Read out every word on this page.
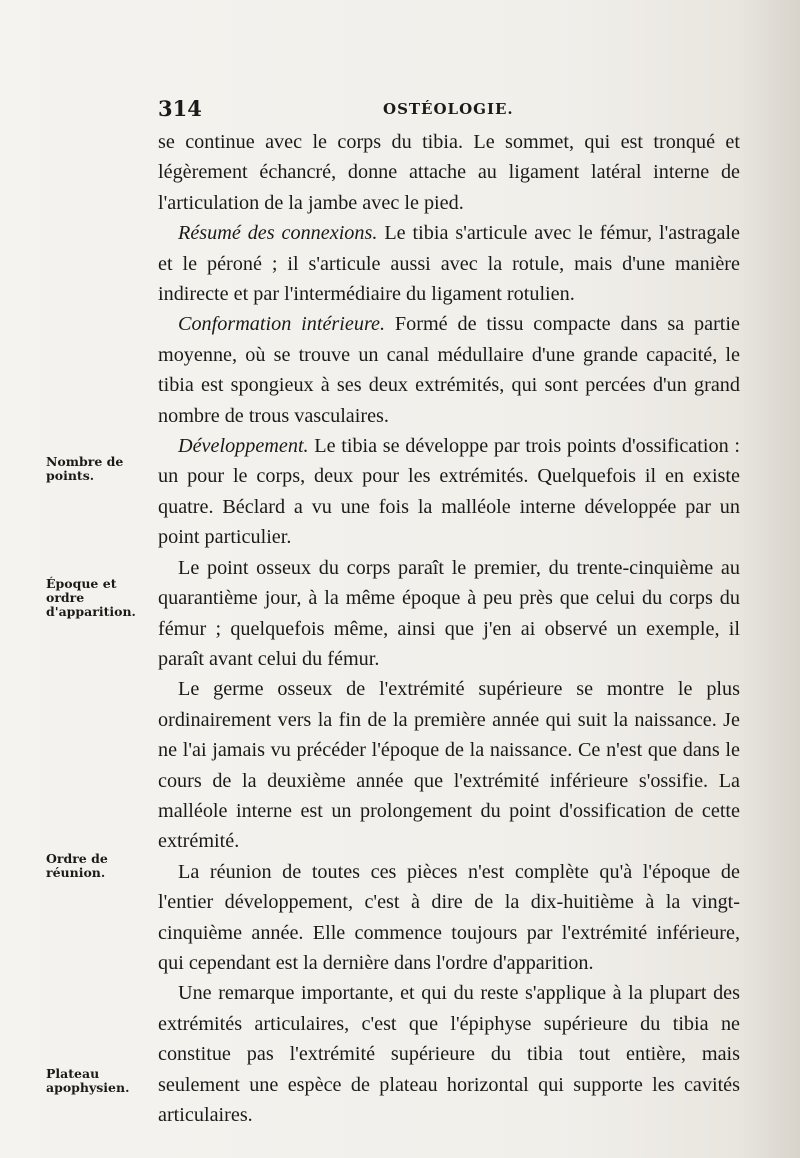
314	OSTÉOLOGIE.
Nombre de points.
Époque et ordre d'apparition.
Ordre de réunion.
Plateau apophysien.

se continue avec le corps du tibia. Le sommet, qui est tronqué et légèrement échancré, donne attache au ligament latéral interne de l'articulation de la jambe avec le pied.

Résumé des connexions. Le tibia s'articule avec le fémur, l'astragale et le péroné ; il s'articule aussi avec la rotule, mais d'une manière indirecte et par l'intermédiaire du ligament rotulien.

Conformation intérieure. Formé de tissu compacte dans sa partie moyenne, où se trouve un canal médullaire d'une grande capacité, le tibia est spongieux à ses deux extrémités, qui sont percées d'un grand nombre de trous vasculaires.

Développement. Le tibia se développe par trois points d'ossification : un pour le corps, deux pour les extrémités. Quelquefois il en existe quatre. Béclard a vu une fois la malléole interne développée par un point particulier.

Le point osseux du corps paraît le premier, du trente-cinquième au quarantième jour, à la même époque à peu près que celui du corps du fémur ; quelquefois même, ainsi que j'en ai observé un exemple, il paraît avant celui du fémur.

Le germe osseux de l'extrémité supérieure se montre le plus ordinairement vers la fin de la première année qui suit la naissance. Je ne l'ai jamais vu précéder l'époque de la naissance. Ce n'est que dans le cours de la deuxième année que l'extrémité inférieure s'ossifie. La malléole interne est un prolongement du point d'ossification de cette extrémité.

La réunion de toutes ces pièces n'est complète qu'à l'époque de l'entier développement, c'est à dire de la dix-huitième à la vingt-cinquième année. Elle commence toujours par l'extrémité inférieure, qui cependant est la dernière dans l'ordre d'apparition.

Une remarque importante, et qui du reste s'applique à la plupart des extrémités articulaires, c'est que l'épiphyse supérieure du tibia ne constitue pas l'extrémité supérieure du tibia tout entière, mais seulement une espèce de plateau horizontal qui supporte les cavités articulaires.
